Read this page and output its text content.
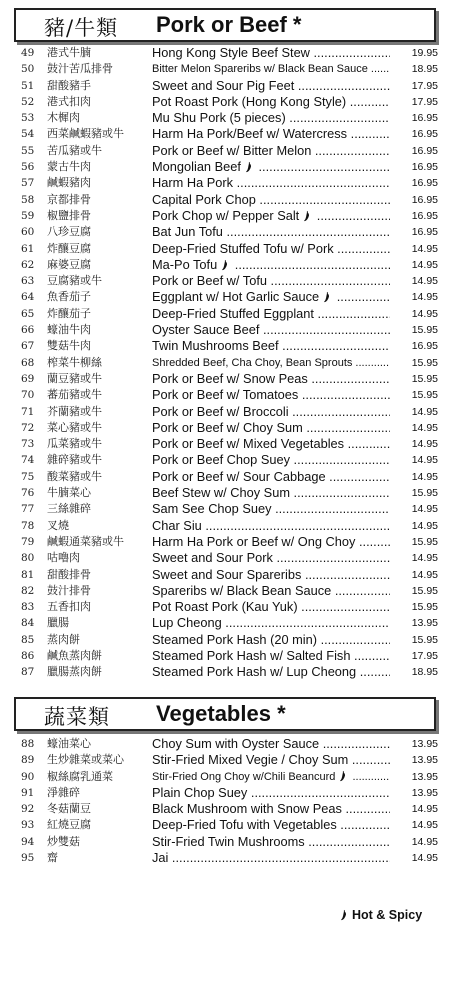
豬/牛類 Pork or Beef *
49	港式牛腩	Hong Kong Style Beef Stew .....	19.95
50	鼓汁苦瓜排骨	Bitter Melon Spareribs w/ Black Bean Sauce .....	18.95
51	甜酸豬手	Sweet and Sour Pig Feet .....	17.95
52	港式扣肉	Pot Roast Pork (Hong Kong Style) .....	17.95
53	木樨肉	Mu Shu Pork (5 pieces) .....	16.95
54	西菜鹹蝦豬或牛 Harm Ha Pork/Beef w/ Watercress .....	16.95
55	苦瓜豬或牛	Pork or Beef w/ Bitter Melon .....	16.95
56	蒙古牛肉	Mongolian Beef .....	16.95
57	鹹蝦豬肉	Harm Ha Pork .....	16.95
58	京都排骨	Capital Pork Chop .....	16.95
59	椒鹽排骨	Pork Chop w/ Pepper Salt .....	16.95
60	八珍豆腐	Bat Jun Tofu .....	16.95
61	炸釀豆腐	Deep-Fried Stuffed Tofu w/ Pork .....	14.95
62	麻婆豆腐	Ma-Po Tofu .....	14.95
63	豆腐豬或牛	Pork or Beef w/ Tofu .....	14.95
64	魚香茄子	Eggplant w/ Hot Garlic Sauce .....	14.95
65	炸釀茄子	Deep-Fried Stuffed Eggplant .....	14.95
66	蠔油牛肉	Oyster Sauce Beef .....	15.95
67	雙菇牛肉	Twin Mushrooms Beef .....	16.95
68	榨菜牛柳絲	Shredded Beef, Cha Choy, Bean Sprouts .....	15.95
69	蘭豆豬或牛	Pork or Beef w/ Snow Peas .....	15.95
70	蕃茄豬或牛	Pork or Beef w/ Tomatoes .....	15.95
71	芥蘭豬或牛	Pork or Beef w/ Broccoli .....	14.95
72	菜心豬或牛	Pork or Beef w/ Choy Sum .....	14.95
73	瓜菜豬或牛	Pork or Beef w/ Mixed Vegetables .....	14.95
74	雜碎豬或牛	Pork or Beef Chop Suey .....	14.95
75	酸菜豬或牛	Pork or Beef w/ Sour Cabbage .....	14.95
76	牛腩菜心	Beef Stew w/ Choy Sum .....	15.95
77	三絲雜碎	Sam See Chop Suey .....	14.95
78	叉燒	Char Siu .....	14.95
79	鹹蝦通菜豬或牛 Harm Ha Pork or Beef w/ Ong Choy .....	15.95
80	咕嚕肉	Sweet and Sour Pork .....	14.95
81	甜酸排骨	Sweet and Sour Spareribs .....	14.95
82	鼓汁排骨	Spareribs w/ Black Bean Sauce .....	15.95
83	五香扣肉	Pot Roast Pork (Kau Yuk) .....	15.95
84	臘腸	Lup Cheong .....	13.95
85	蒸肉餅	Steamed Pork Hash (20 min) .....	15.95
86	鹹魚蒸肉餅	Steamed Pork Hash w/ Salted Fish .....	17.95
87	臘腸蒸肉餅	Steamed Pork Hash w/ Lup Cheong .....	18.95
蔬菜類 Vegetables *
88	蠔油菜心	Choy Sum with Oyster Sauce .....	13.95
89	生炒雜菜或菜心 Stir-Fried Mixed Vegie / Choy Sum .....	13.95
90	椒絲腐乳通菜	Stir-Fried Ong Choy w/Chili Beancurd .....	13.95
91	淨雜碎	Plain Chop Suey .....	13.95
92	冬菇蘭豆	Black Mushroom with Snow Peas .....	14.95
93	紅燒豆腐	Deep-Fried Tofu with Vegetables .....	14.95
94	炒雙菇	Stir-Fried Twin Mushrooms .....	14.95
95	齋	Jai .....	14.95
Hot & Spicy
